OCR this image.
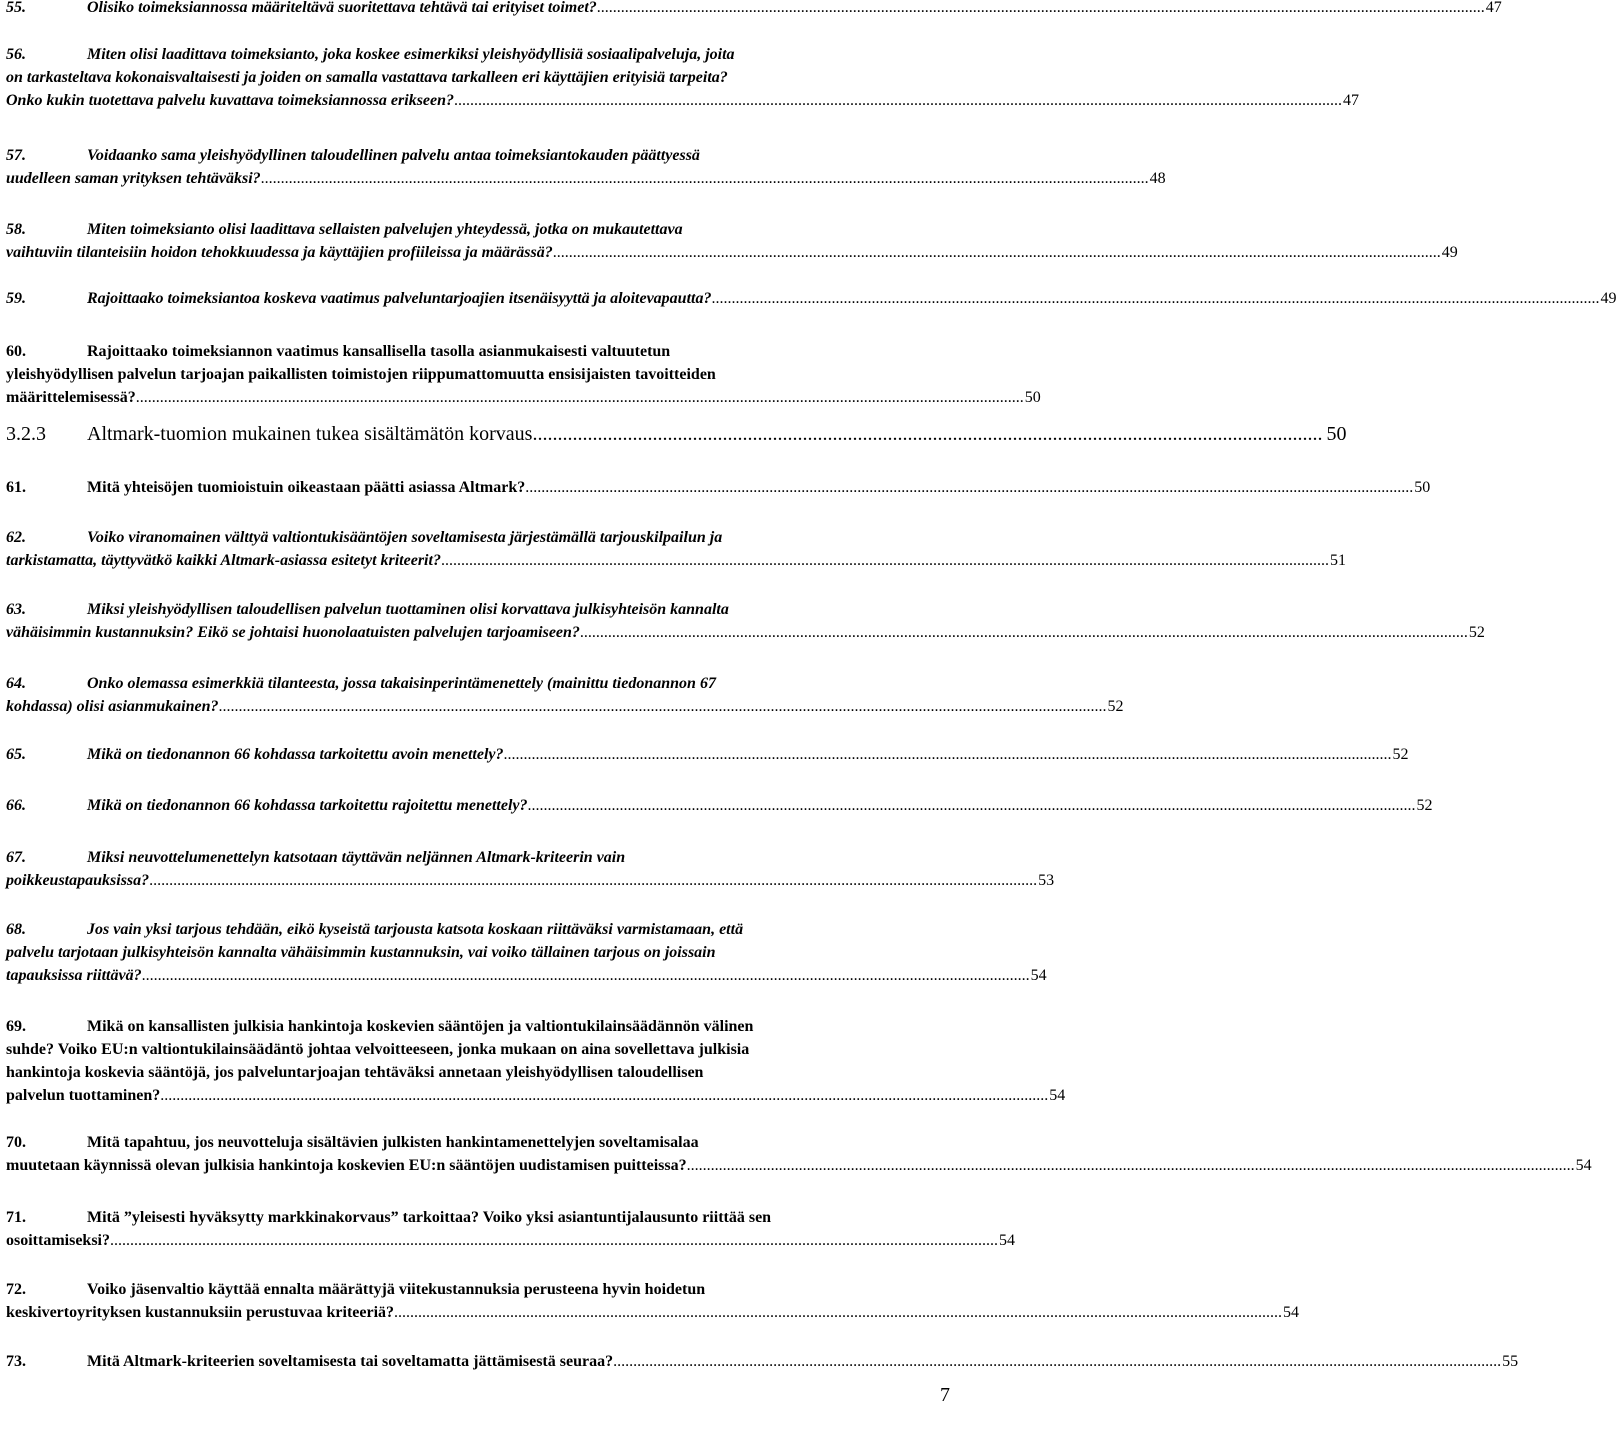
55.	Olisiko toimeksiannossa määriteltävä suoritettava tehtävä tai erityiset toimet? .....	47
56.	Miten olisi laadittava toimeksianto, joka koskee esimerkiksi yleishyödyllisiä sosiaalipalveluja, joita
on tarkasteltava kokonaisvaltaisesti ja joiden on samalla vastattava tarkalleen eri käyttäjien erityisiä tarpeita?
Onko kukin tuotettava palvelu kuvattava toimeksiannossa erikseen? .....	47
57.	Voidaanko sama yleishyödyllinen taloudellinen palvelu antaa toimeksiantokauden päättyessä
uudelleen saman yrityksen tehtäväksi? .....	48
58.	Miten toimeksianto olisi laadittava sellaisten palvelujen yhteydessä, jotka on mukautettava
vaihtuviin tilanteisiin hoidon tehokkuudessa ja käyttäjien profiileissa ja määrässä? .....	49
59.	Rajoittaako toimeksiantoa koskeva vaatimus palveluntarjoajien itsenäisyyttä ja aloitevapautta? .....	49
60.	Rajoittaako toimeksiannon vaatimus kansallisella tasolla asianmukaisesti valtuutetun
yleishyödyllisen palvelun tarjoajan paikallisten toimistojen riippumattomuutta ensisijaisten tavoitteiden
määrittelemisessä? .....	50
3.2.3 Altmark-tuomion mukainen tukea sisältämätön korvaus .............................................................................................................................................................. 50
61.	Mitä yhteisöjen tuomioistuin oikeastaan päätti asiassa Altmark? .....	50
62.	Voiko viranomainen välttyä valtiontukisääntöjen soveltamisesta järjestämällä tarjouskilpailun ja
tarkistamatta, täyttyvätkö kaikki Altmark-asiassa esitetyt kriteerit? .....	51
63.	Miksi yleishyödyllisen taloudellisen palvelun tuottaminen olisi korvattava julkisyhteisön kannalta
vähäisimmin kustannuksin? Eikö se johtaisi huonolaatuisten palvelujen tarjoamiseen? .....	52
64.	Onko olemassa esimerkkiä tilanteesta, jossa takaisinperintämenettely (mainittu tiedonannon 67
kohdassa) olisi asianmukainen? .....	52
65.	Mikä on tiedonannon 66 kohdassa tarkoitettu avoin menettely? .....	52
66.	Mikä on tiedonannon 66 kohdassa tarkoitettu rajoitettu menettely? .....	52
67.	Miksi neuvottelumenettelyn katsotaan täyttävän neljännen Altmark-kriteerin vain
poikkeustapauksissa? .....	53
68.	Jos vain yksi tarjous tehdään, eikö kyseistä tarjousta katsota koskaan riittäväksi varmistamaan, että
palvelu tarjotaan julkisyhteisön kannalta vähäisimmin kustannuksin, vai voiko tällainen tarjous on joissain
tapauksissa riittävä? .....	54
69.	Mikä on kansallisten julkisia hankintoja koskevien sääntöjen ja valtiontukilainsäädännön välinen
suhde? Voiko EU:n valtiontukilainsäädäntö johtaa velvoitteeseen, jonka mukaan on aina sovellettava julkisia
hankintoja koskevia sääntöjä, jos palveluntarjoajan tehtäväksi annetaan yleishyödyllisen taloudellisen
palvelun tuottaminen? .....	54
70.	Mitä tapahtuu, jos neuvotteluja sisältävien julkisten hankintamenettelyjen soveltamisalaa
muutetaan käynnissä olevan julkisia hankintoja koskevien EU:n sääntöjen uudistamisen puitteissa? .....	54
71.	Mitä ”yleisesti hyväksytty markkinakorvaus” tarkoittaa? Voiko yksi asiantuntijalausunto riittää sen
osoittamiseksi? .....	54
72.	Voiko jäsenvaltio käyttää ennalta määrättyjä viitekustannuksia perusteena hyvin hoidetun
keskivertoyrityksen kustannuksiin perustuvaa kriteeriä? .....	54
73.	Mitä Altmark-kriteerien soveltamisesta tai soveltamatta jättämisestä seuraa? .....	55
7
